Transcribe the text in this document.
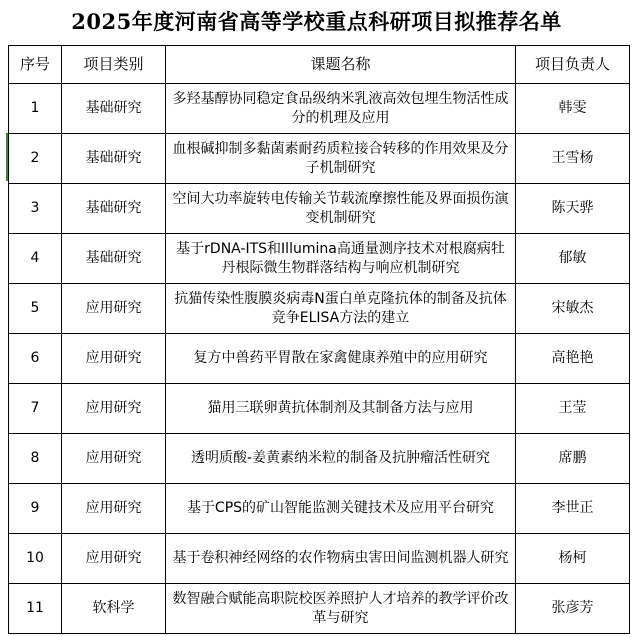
2025年度河南省高等学校重点科研项目拟推荐名单
序号	项目类别	课题名称	项目负责人
1	基础研究	多羟基醇协同稳定食品级纳米乳液高效包埋生物活性成分的机理及应用	韩雯
2	基础研究	血根碱抑制多黏菌素耐药质粒接合转移的作用效果及分子机制研究	王雪杨
3	基础研究	空间大功率旋转电传输关节载流摩擦性能及界面损伤演变机制研究	陈天骅
4	基础研究	基于rDNA-ITS和Illumina高通量测序技术对根腐病牡丹根际微生物群落结构与响应机制研究	郁敏
5	应用研究	抗猫传染性腹膜炎病毒N蛋白单克隆抗体的制备及抗体竞争ELISA方法的建立	宋敏杰
6	应用研究	复方中兽药平胃散在家禽健康养殖中的应用研究	高艳艳
7	应用研究	猫用三联卵黄抗体制剂及其制备方法与应用	王莹
8	应用研究	透明质酸-姜黄素纳米粒的制备及抗肿瘤活性研究	席鹏
9	应用研究	基于CPS的矿山智能监测关键技术及应用平台研究	李世正
10	应用研究	基于卷积神经网络的农作物病虫害田间监测机器人研究	杨柯
11	软科学	数智融合赋能高职院校医养照护人才培养的教学评价改革与研究	张彦芳
